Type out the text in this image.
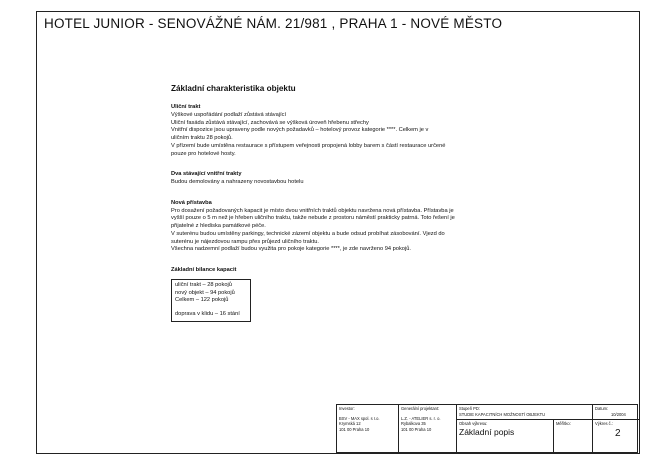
HOTEL JUNIOR - SENOVÁŽNÉ NÁM. 21/981 , PRAHA 1 - NOVÉ MĚSTO
Základní charakteristika objektu
Uliční trakt
Výškové uspořádání podlaží zůstává stávající
Uliční fasáda zůstává stávající, zachovává se výšková úroveň hřebenu střechy
Vnitřní dispozice jsou upraveny podle nových požadavků – hotelový provoz kategorie ****. Celkem je v
uličním traktu 28 pokojů.
V přízemí bude umístěna restaurace s přístupem veřejnosti propojená lobby barem s částí restaurace určené
pouze pro hotelové hosty.
Dva stávající vnitřní trakty
Budou demolovány a nahrazeny novostavbou hotelu
Nová přístavba
Pro dosažení požadovaných kapacit je místo dvou vnitřních traktů objektu navržena nová přístavba. Přístavba je
vyšší pouze o 5 m než je hřeben uličního traktu, takže nebude z prostoru náměstí prakticky patrná. Toto řešení je
přijatelné z hlediska památkové péče.
V suterénu budou umístěny parkingy, technické zázemí objektu a bude odsud probíhat zásobování. Vjezd do
suterénu je nájezdovou rampu přes průjezd uličního traktu.
Všechna nadzemní podlaží budou využita pro pokoje kategorie ****, je zde navrženo 94 pokojů.
Základní bilance kapacit
uliční trakt – 28 pokojů
nový objekt – 94 pokojů
Celkem – 122 pokojů
doprava v klidu – 16 stání
Investor:
BSV - MAX spol. s r.o.
Krymská 12
101 00 Praha 10
Generální projektant:
L.Z. - ATELIER s. r. o.
Rybalkova 35
101 00 Praha 10
Stupeň PD:
STUDIE KAPACITNÍCH MOŽNOSTÍ OBJEKTU
Obsah výkresu:
Základní popis
Měřítko:
Datum:
10/2004
Výkres č.:
2
